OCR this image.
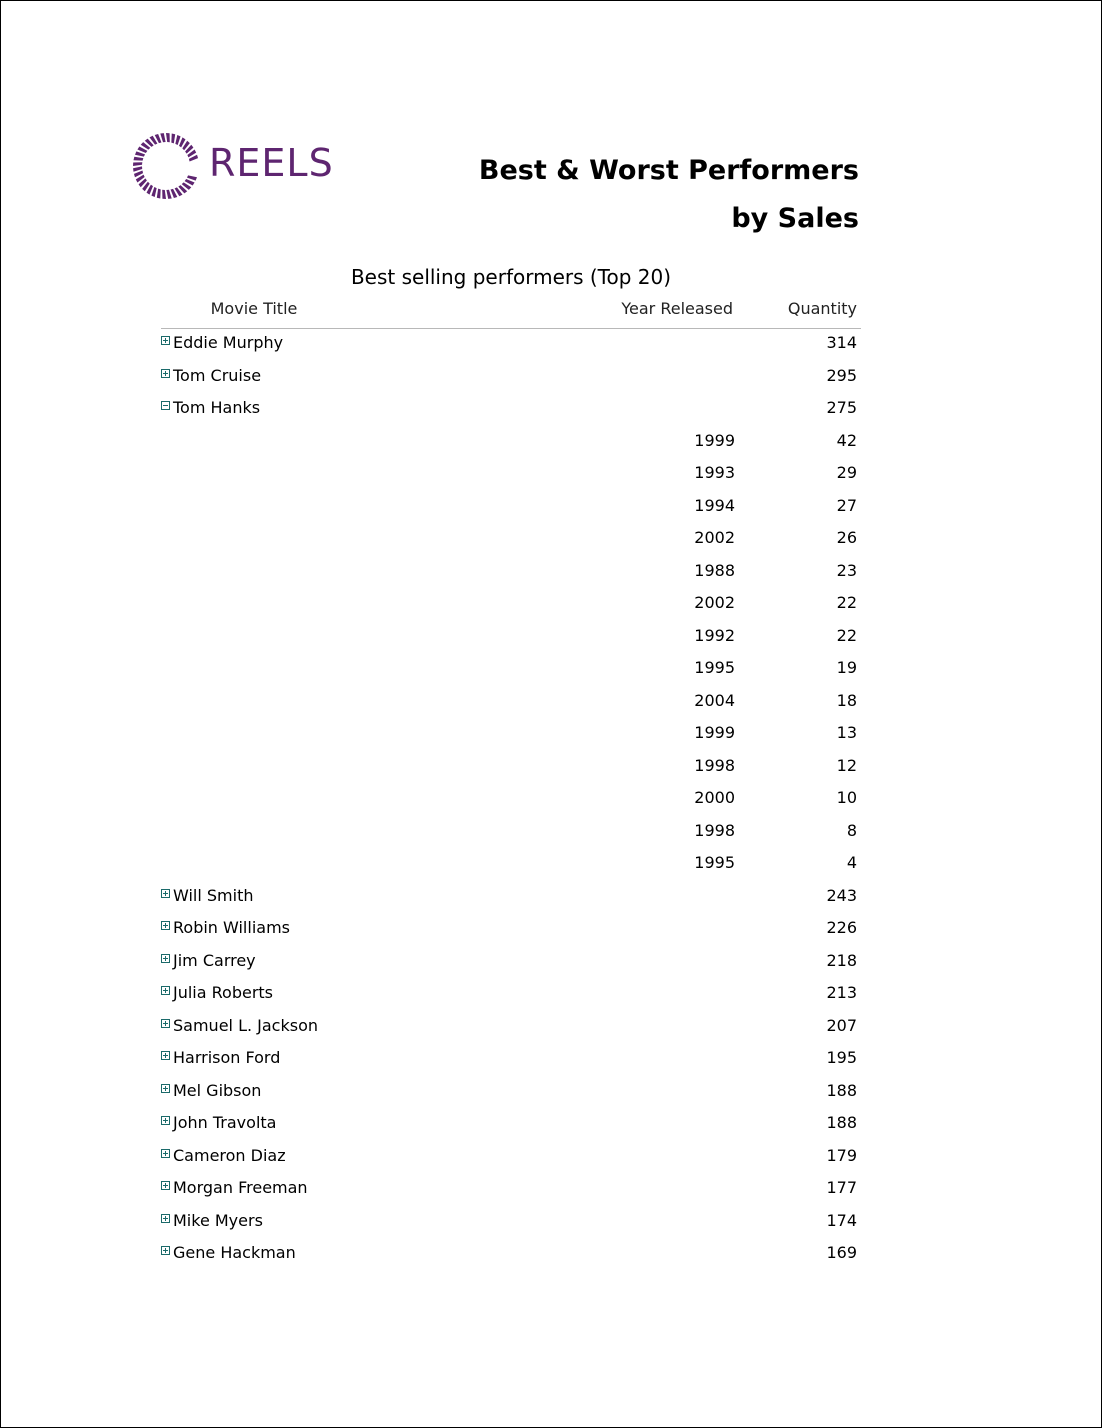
REELS	Best & Worst Performers
by Sales
Best selling performers (Top 20)
Movie Title	Year Released	Quantity
Eddie Murphy	314
Tom Cruise	295
Tom Hanks	275
1999	42
1993	29
1994	27
2002	26
1988	23
2002	22
1992	22
1995	19
2004	18
1999	13
1998	12
2000	10
1998	8
1995	4
Will Smith	243
Robin Williams	226
Jim Carrey	218
Julia Roberts	213
Samuel L. Jackson	207
Harrison Ford	195
Mel Gibson	188
John Travolta	188
Cameron Diaz	179
Morgan Freeman	177
Mike Myers	174
Gene Hackman	169
